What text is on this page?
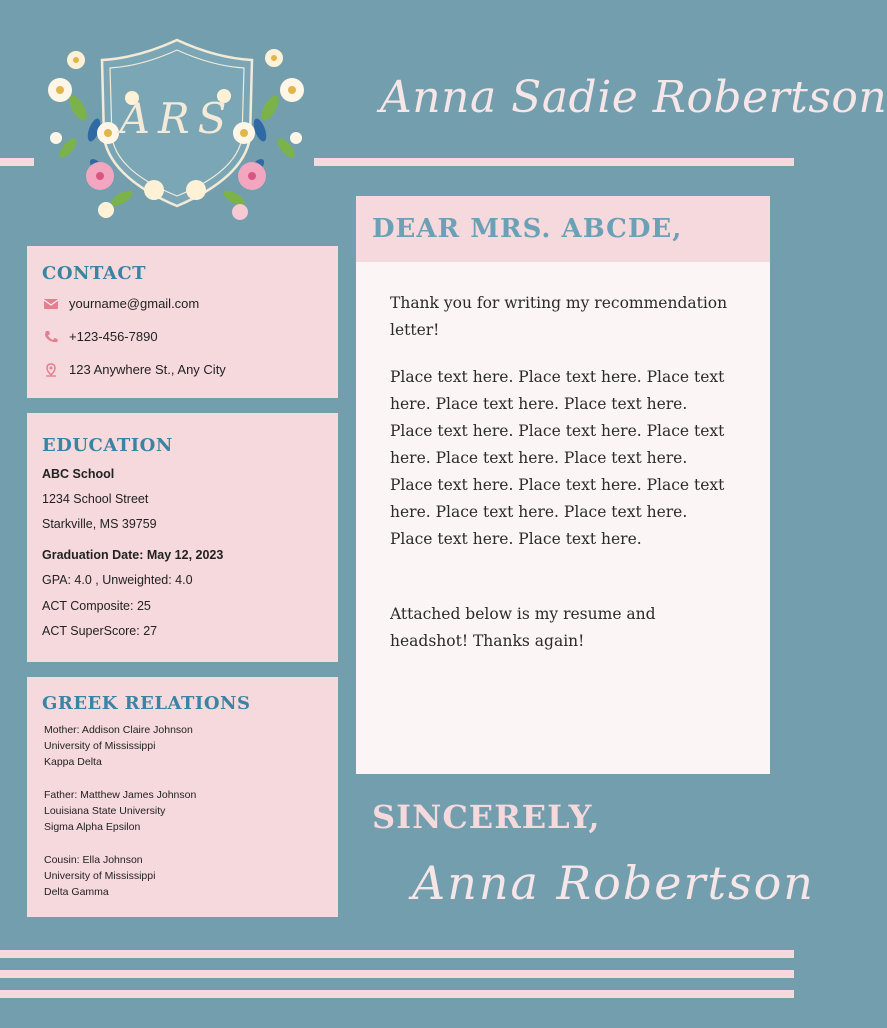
ARS	Anna Sadie Robertson
CONTACT
yourname@gmail.com
+123-456-7890
123 Anywhere St., Any City
EDUCATION
ABC School
1234 School Street
Starkville, MS 39759
Graduation Date: May 12, 2023
GPA: 4.0 , Unweighted: 4.0
ACT Composite: 25
ACT SuperScore: 27
GREEK RELATIONS
Mother: Addison Claire Johnson
University of Mississippi
Kappa Delta
Father: Matthew James Johnson
Louisiana State University
Sigma Alpha Epsilon
Cousin: Ella Johnson
University of Mississippi
Delta Gamma
DEAR MRS. ABCDE,
Thank you for writing my recommendation letter!
Place text here. Place text here. Place text here. Place text here. Place text here. Place text here. Place text here. Place text here. Place text here. Place text here. Place text here. Place text here. Place text here. Place text here. Place text here. Place text here. Place text here.
Attached below is my resume and headshot! Thanks again!
SINCERELY,
Anna Robertson
